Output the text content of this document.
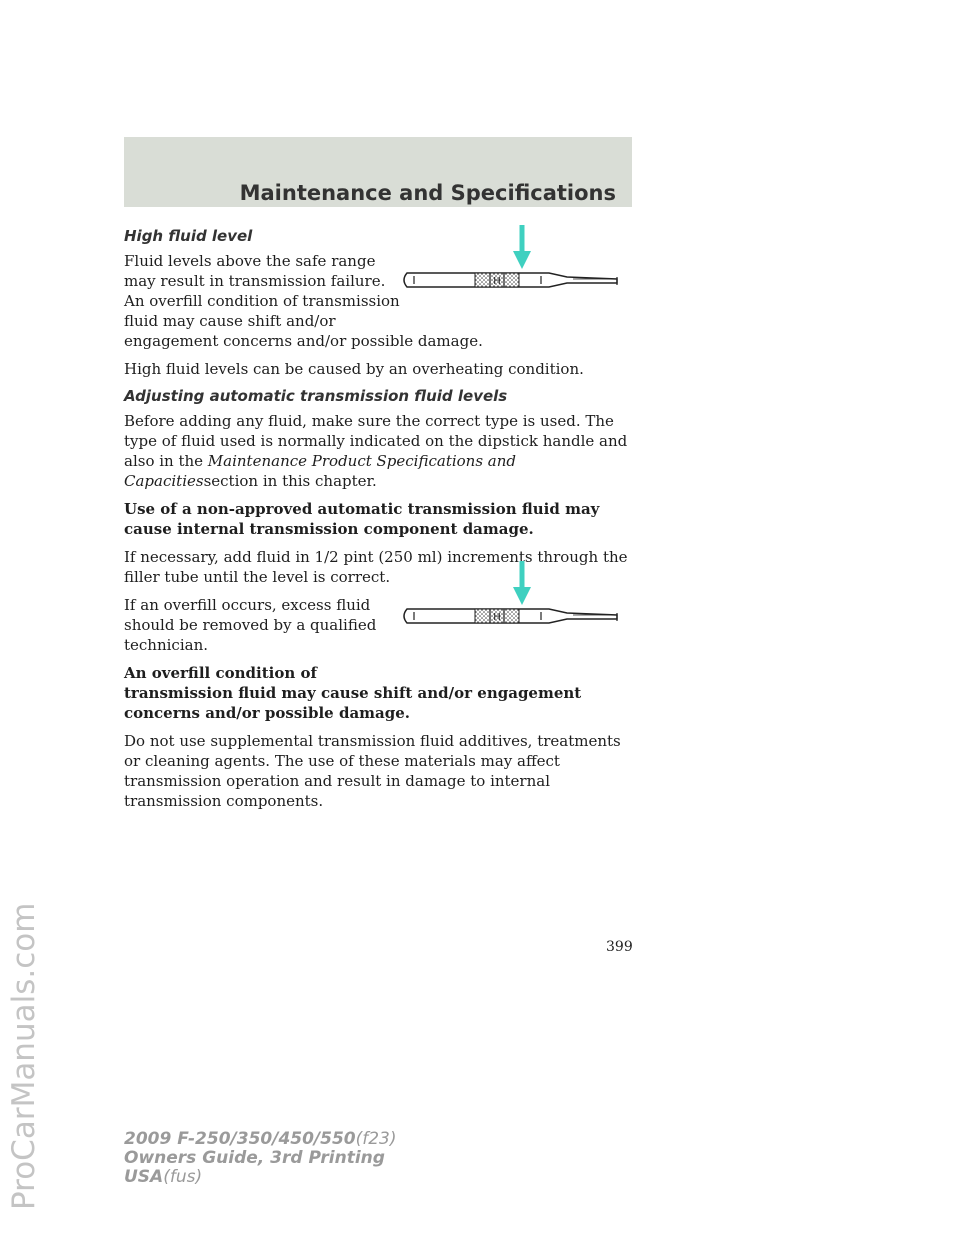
Maintenance and Specifications
ProCarManuals.com
High fluid level

Fluid levels above the safe range
may result in transmission failure.
An overfill condition of transmission
fluid may cause shift and/or
engagement concerns and/or possible damage.

H

High fluid levels can be caused by an overheating condition.

Adjusting automatic transmission fluid levels

Before adding any fluid, make sure the correct type is used. The type of fluid used is normally indicated on the dipstick handle and also in the Maintenance Product Specifications and Capacitiessection in this chapter.

Use of a non-approved automatic transmission fluid may cause internal transmission component damage.

If necessary, add fluid in 1/2 pint (250 ml) increments through the filler tube until the level is correct.

If an overfill occurs, excess fluid
should be removed by a qualified
technician.

H

An overfill condition of
transmission fluid may cause shift and/or engagement concerns and/or possible damage.

Do not use supplemental transmission fluid additives, treatments or cleaning agents. The use of these materials may affect transmission operation and result in damage to internal transmission components.

399
2009 F-250/350/450/550(f23)
Owners Guide, 3rd Printing
USA(fus)
